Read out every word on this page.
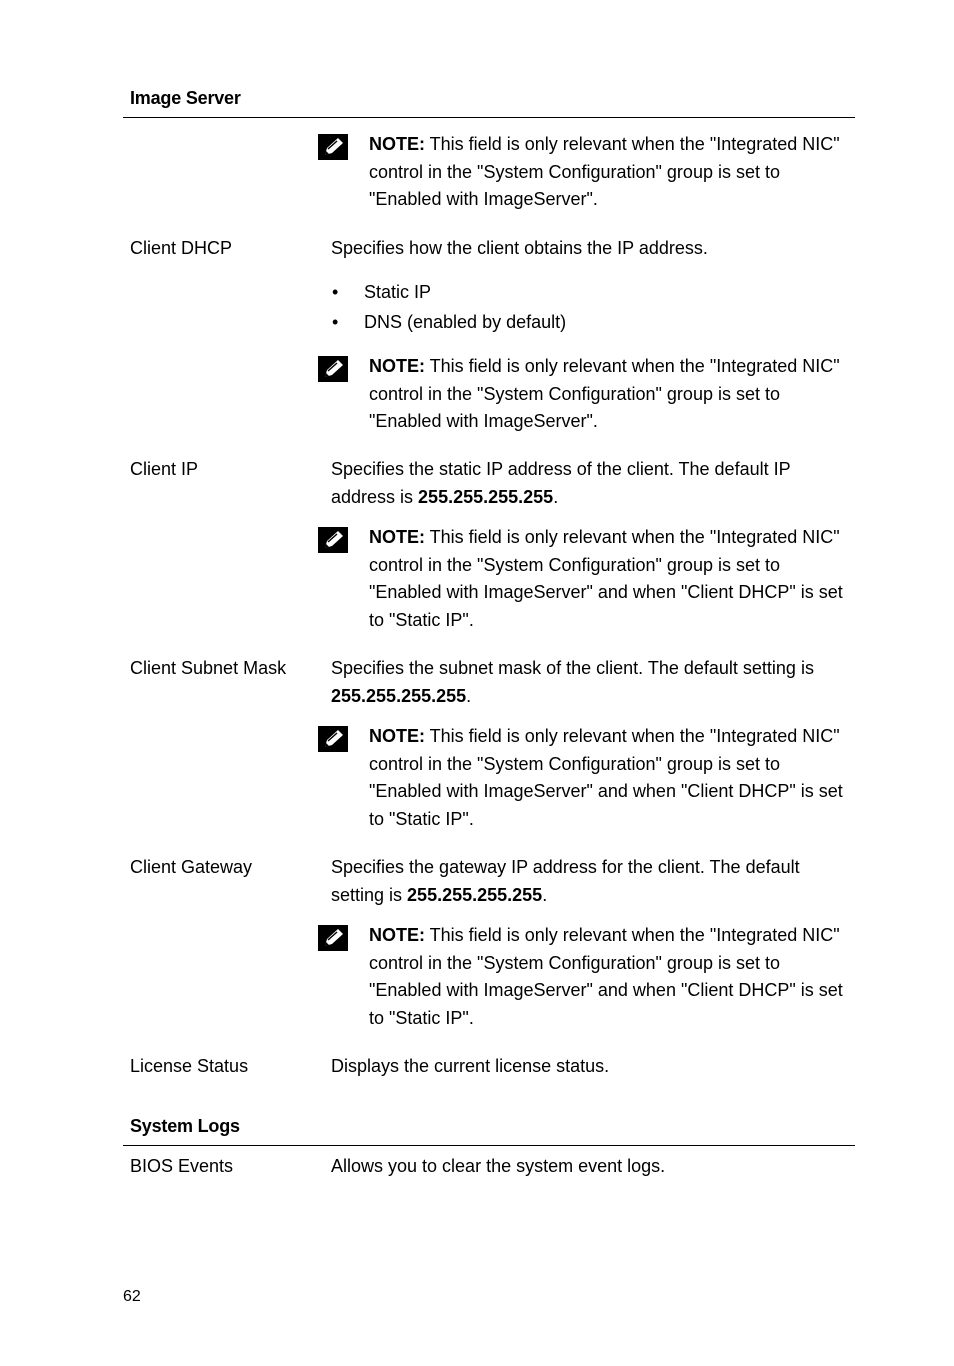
Image Server
NOTE: This field is only relevant when the "Integrated NIC" control in the "System Configuration" group is set to "Enabled with ImageServer".
Client DHCP	Specifies how the client obtains the IP address.
• Static IP
• DNS (enabled by default)
NOTE: This field is only relevant when the "Integrated NIC" control in the "System Configuration" group is set to "Enabled with ImageServer".
Client IP	Specifies the static IP address of the client. The default IP address is 255.255.255.255.
NOTE: This field is only relevant when the "Integrated NIC" control in the "System Configuration" group is set to "Enabled with ImageServer" and when "Client DHCP" is set to "Static IP".
Client Subnet Mask Specifies the subnet mask of the client. The default setting is 255.255.255.255.
NOTE: This field is only relevant when the "Integrated NIC" control in the "System Configuration" group is set to "Enabled with ImageServer" and when "Client DHCP" is set to "Static IP".
Client Gateway	Specifies the gateway IP address for the client. The default setting is 255.255.255.255.
NOTE: This field is only relevant when the "Integrated NIC" control in the "System Configuration" group is set to "Enabled with ImageServer" and when "Client DHCP" is set to "Static IP".
License Status	Displays the current license status.
System Logs
BIOS Events	Allows you to clear the system event logs.
62
